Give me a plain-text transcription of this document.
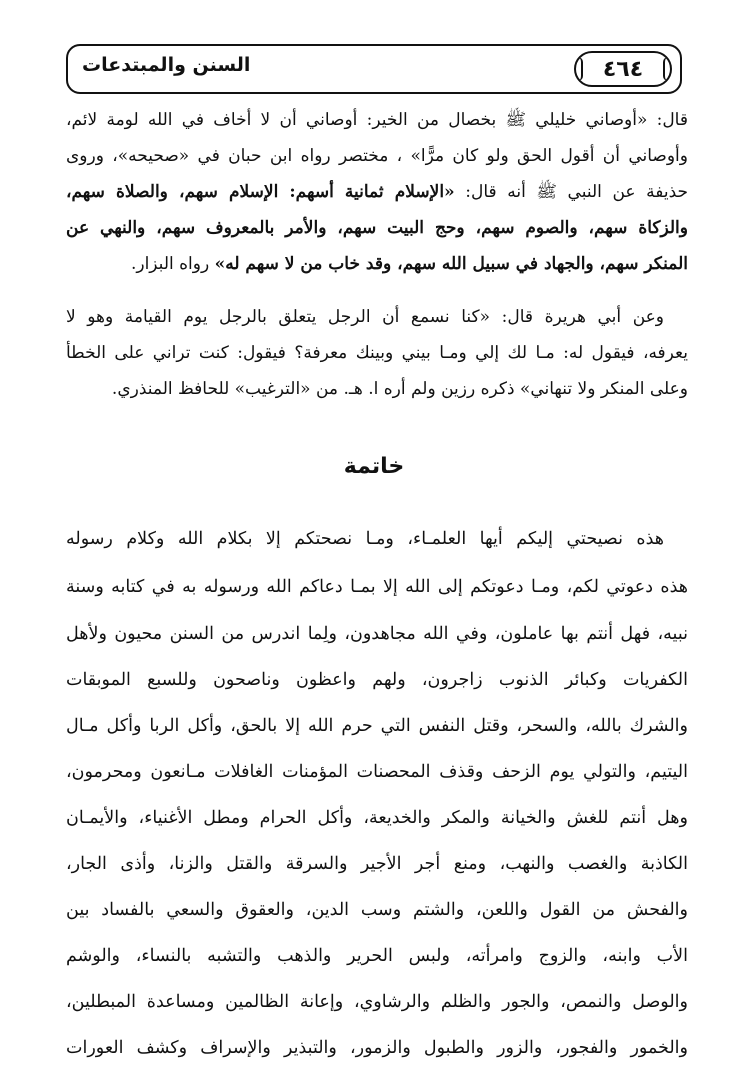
السنن والمبتدعات	٤٦٤
قال: «أوصاني خليلي ﷺ بخصال من الخير: أوصاني أن لا أخاف في الله لومة لائم،
وأوصاني أن أقول الحق ولو كان مرًّا» ، مختصر رواه ابن حبان في «صحيحه»، وروى
حذيفة عن النبي ﷺ أنه قال: «الإسلام ثمانية أسهم: الإسلام سهم، والصلاة سهم،
والزكاة سهم، والصوم سهم، وحج البيت سهم، والأمر بالمعروف سهم، والنهي عن
المنكر سهم، والجهاد في سبيل الله سهم، وقد خاب من لا سهم له» رواه البزار.
وعن أبي هريرة قال: «كنا نسمع أن الرجل يتعلق بالرجل يوم القيامة وهو لا
يعرفه، فيقول له: مـا لك إلي ومـا بيني وبينك معرفة؟ فيقول: كنت تراني على الخطأ
وعلى المنكر ولا تنهاني» ذكره رزين ولم أره ا. هـ. من «الترغيب» للحافظ المنذري.
خاتمة
هذه نصيحتي إليكم أيها العلمـاء، ومـا نصحتكم إلا بكلام الله وكلام رسوله
هذه دعوتي لكم، ومـا دعوتكم إلى الله إلا بمـا دعاكم الله ورسوله به في كتابه وسنة
نبيه، فهل أنتم بها عاملون، وفي الله مجاهدون، ولِما اندرس من السنن محيون ولأهل
الكفريات وكبائر الذنوب زاجرون، ولهم واعظون وناصحون وللسبع الموبقات
والشرك بالله، والسحر، وقتل النفس التي حرم الله إلا بالحق، وأكل الربا وأكل مـال
اليتيم، والتولي يوم الزحف وقذف المحصنات المؤمنات الغافلات مـانعون ومحرمون،
وهل أنتم للغش والخيانة والمكر والخديعة، وأكل الحرام ومطل الأغنياء، والأيمـان
الكاذبة والغصب والنهب، ومنع أجر الأجير والسرقة والقتل والزنا، وأذى الجار،
والفحش من القول واللعن، والشتم وسب الدين، والعقوق والسعي بالفساد بين
الأب وابنه، والزوج وامرأته، ولبس الحرير والذهب والتشبه بالنساء، والوشم
والوصل والنمص، والجور والظلم والرشاوي، وإعانة الظالمين ومساعدة المبطلين،
والخمور والفجور، والزور والطبول والزمور، والتبذير والإسراف وكشف العورات
